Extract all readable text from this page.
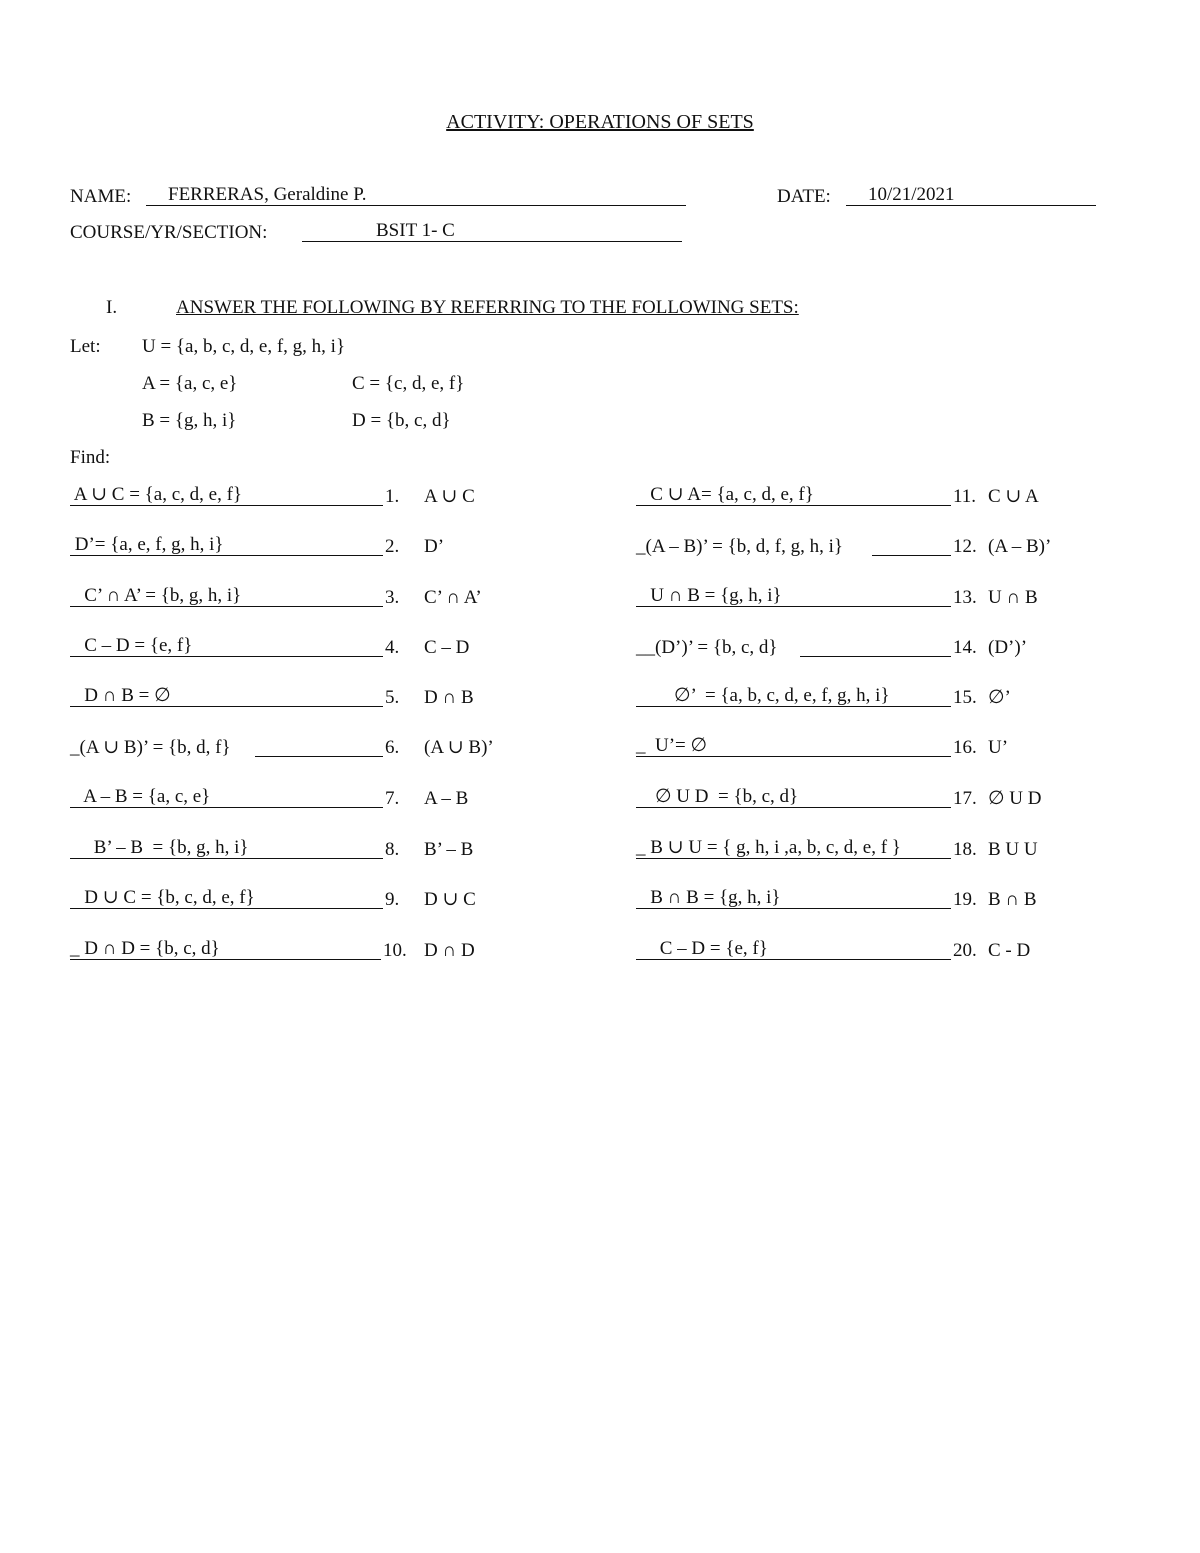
ACTIVITY: OPERATIONS OF SETS
NAME: FERRERAS, Geraldine P.	DATE: 10/21/2021
COURSE/YR/SECTION:	BSIT 1- C
I.	ANSWER THE FOLLOWING BY REFERRING TO THE FOLLOWING SETS:
Let: U = {a, b, c, d, e, f, g, h, i}
A = {a, c, e}	C = {c, d, e, f}
B = {g, h, i}	D = {b, c, d}
Find:
A ∪ C = {a, c, d, e, f}	1. A ∪ C
D’= {a, e, f, g, h, i}	2. D’
C’ ∩ A’ = {b, g, h, i}	3. C’ ∩ A’
C – D = {e, f}	4. C – D
D ∩ B = ∅	5. D ∩ B
_(A ∪ B)’ = {b, d, f}	6. (A ∪ B)’
A – B = {a, c, e}	7. A – B
B’ – B  = {b, g, h, i}	8. B’ – B
D ∪ C = {b, c, d, e, f}	9. D ∪ C
_ D ∩ D = {b, c, d}	10. D ∩ D
C ∪ A= {a, c, d, e, f}	11. C ∪ A
_(A – B)’ = {b, d, f, g, h, i}	12. (A – B)’
U ∩ B = {g, h, i}	13. U ∩ B
__(D’)’ = {b, c, d}	14. (D’)’
∅’  = {a, b, c, d, e, f, g, h, i}	15. ∅’
_  U’= ∅	16. U’
∅ U D  = {b, c, d}	17. ∅ U D
_ B ∪ U = { g, h, i ,a, b, c, d, e, f }	18. B U U
B ∩ B = {g, h, i}	19. B ∩ B
C – D = {e, f}	20. C - D
